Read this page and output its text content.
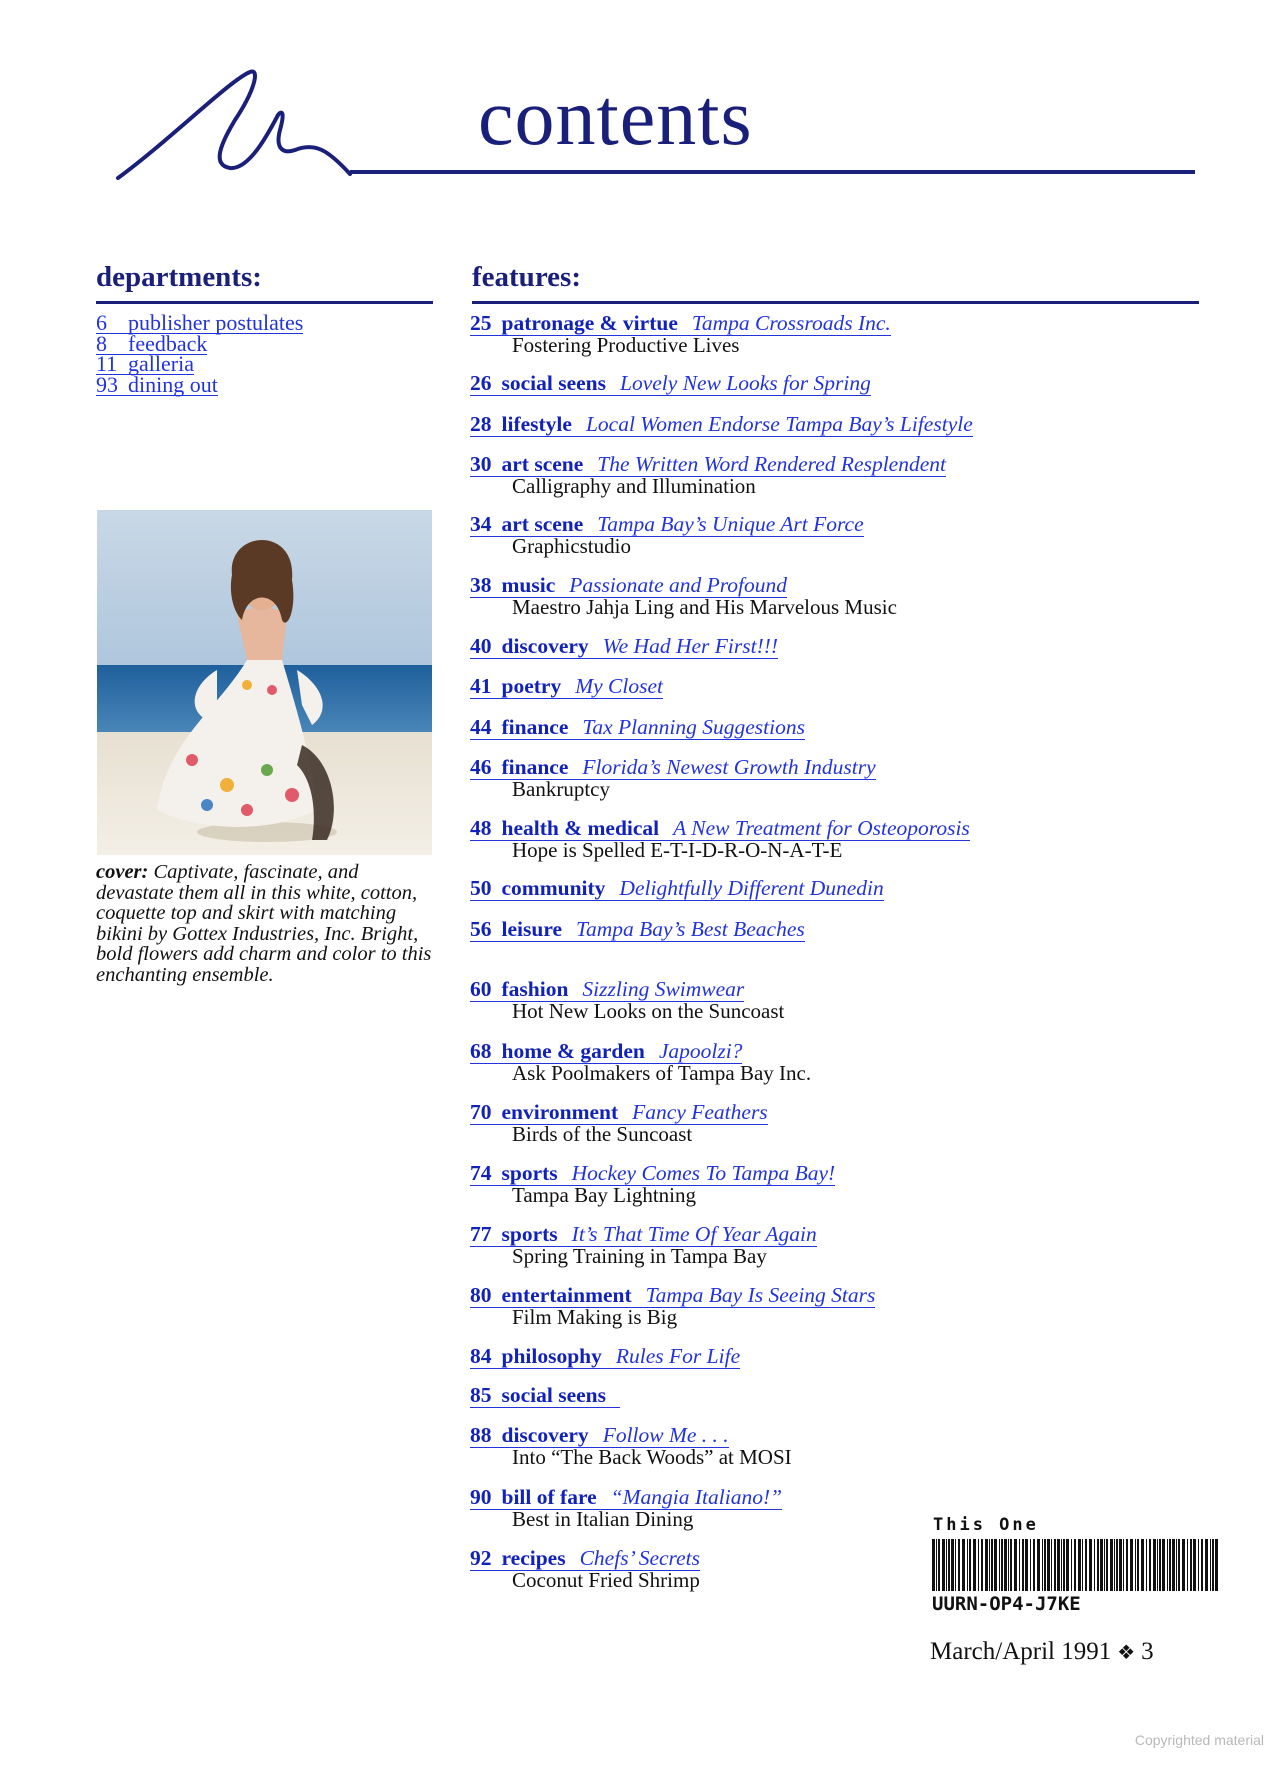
contents
departments:	features:
6 publisher postulates
8 feedback
11 galleria
93 dining out
cover: Captivate, fascinate, and devastate them all in this white, cotton, coquette top and skirt with matching bikini by Gottex Industries, Inc. Bright, bold flowers add charm and color to this enchanting ensemble.
25 patronage & virtue Tampa Crossroads Inc.
Fostering Productive Lives
26 social seens Lovely New Looks for Spring
28 lifestyle Local Women Endorse Tampa Bay’s Lifestyle
30 art scene The Written Word Rendered Resplendent
Calligraphy and Illumination
34 art scene Tampa Bay’s Unique Art Force
Graphicstudio
38 music Passionate and Profound
Maestro Jahja Ling and His Marvelous Music
40 discovery We Had Her First!!!
41 poetry My Closet
44 finance Tax Planning Suggestions
46 finance Florida’s Newest Growth Industry
Bankruptcy
48 health & medical A New Treatment for Osteoporosis
Hope is Spelled E-T-I-D-R-O-N-A-T-E
50 community Delightfully Different Dunedin
56 leisure Tampa Bay’s Best Beaches
60 fashion Sizzling Swimwear
Hot New Looks on the Suncoast
68 home & garden Japoolzi?
Ask Poolmakers of Tampa Bay Inc.
70 environment Fancy Feathers
Birds of the Suncoast
74 sports Hockey Comes To Tampa Bay!
Tampa Bay Lightning
77 sports It’s That Time Of Year Again
Spring Training in Tampa Bay
80 entertainment Tampa Bay Is Seeing Stars
Film Making is Big
84 philosophy Rules For Life
85 social seens
88 discovery Follow Me . . .
Into “The Back Woods” at MOSI
90 bill of fare “Mangia Italiano!”
Best in Italian Dining
92 recipes Chefs’ Secrets
Coconut Fried Shrimp
This One
UURN-OP4-J7KE
March/April 1991 ❖ 3
Copyrighted material
